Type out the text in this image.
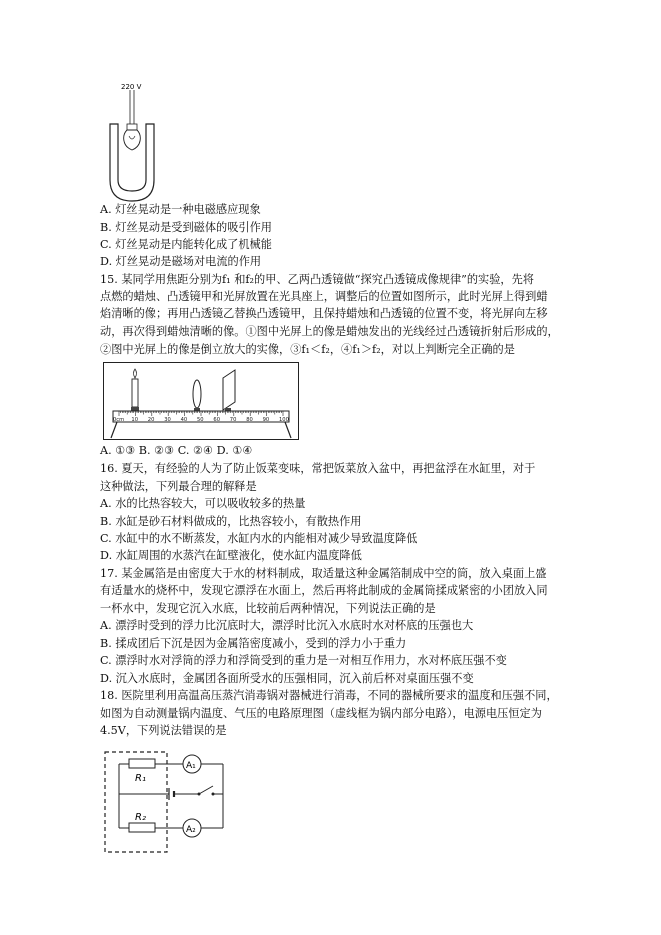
220 V
A. 灯丝晃动是一种电磁感应现象
B. 灯丝晃动是受到磁体的吸引作用
C. 灯丝晃动是内能转化成了机械能
D. 灯丝晃动是磁场对电流的作用
15. 某同学用焦距分别为f₁ 和f₂的甲、乙两凸透镜做“探究凸透镜成像规律”的实验，先将
点燃的蜡烛、凸透镜甲和光屏放置在光具座上，调整后的位置如图所示，此时光屏上得到蜡
焰清晰的像；再用凸透镜乙替换凸透镜甲，且保持蜡烛和凸透镜的位置不变，将光屏向左移
动，再次得到蜡烛清晰的像。①图中光屏上的像是蜡烛发出的光线经过凸透镜折射后形成的，
②图中光屏上的像是倒立放大的实像，③f₁＜f₂，④f₁＞f₂，对以上判断完全正确的是
0cm 10 20 30 40 50 60 70 80 90 100
A. ①③ B. ②③ C. ②④ D. ①④
16. 夏天，有经验的人为了防止饭菜变味，常把饭菜放入盆中，再把盆浮在水缸里，对于
这种做法，下列最合理的解释是
A. 水的比热容较大，可以吸收较多的热量
B. 水缸是砂石材料做成的，比热容较小，有散热作用
C. 水缸中的水不断蒸发，水缸内水的内能相对减少导致温度降低
D. 水缸周围的水蒸汽在缸壁液化，使水缸内温度降低
17. 某金属箔是由密度大于水的材料制成，取适量这种金属箔制成中空的筒，放入桌面上盛
有适量水的烧杯中，发现它漂浮在水面上，然后再将此制成的金属筒揉成紧密的小团放入同
一杯水中，发现它沉入水底，比较前后两种情况，下列说法正确的是
A. 漂浮时受到的浮力比沉底时大，漂浮时比沉入水底时水对杯底的压强也大
B. 揉成团后下沉是因为金属箔密度减小，受到的浮力小于重力
C. 漂浮时水对浮筒的浮力和浮筒受到的重力是一对相互作用力，水对杯底压强不变
D. 沉入水底时，金属团各面所受水的压强相同，沉入前后杯对桌面压强不变
18. 医院里利用高温高压蒸汽消毒锅对器械进行消毒，不同的器械所要求的温度和压强不同，
如图为自动测量锅内温度、气压的电路原理图（虚线框为锅内部分电路），电源电压恒定为
4.5V，下列说法错误的是
R₁
A₁
R₂
A₂
